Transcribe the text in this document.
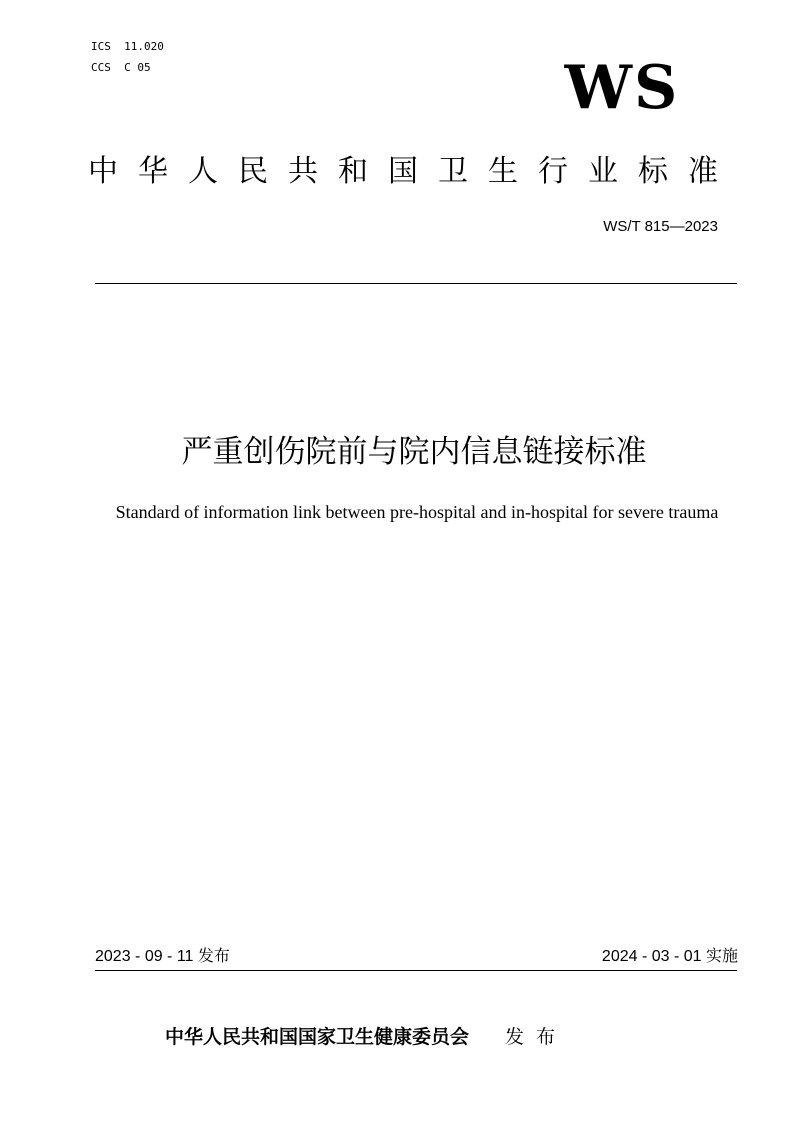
ICS  11.020
CCS  C 05	WS
中华人民共和国卫生行业标准
WS/T 815—2023
严重创伤院前与院内信息链接标准
Standard of information link between pre-hospital and in-hospital for severe trauma
2023 - 09 - 11 发布	2024 - 03 - 01 实施
中华人民共和国国家卫生健康委员会 发布
